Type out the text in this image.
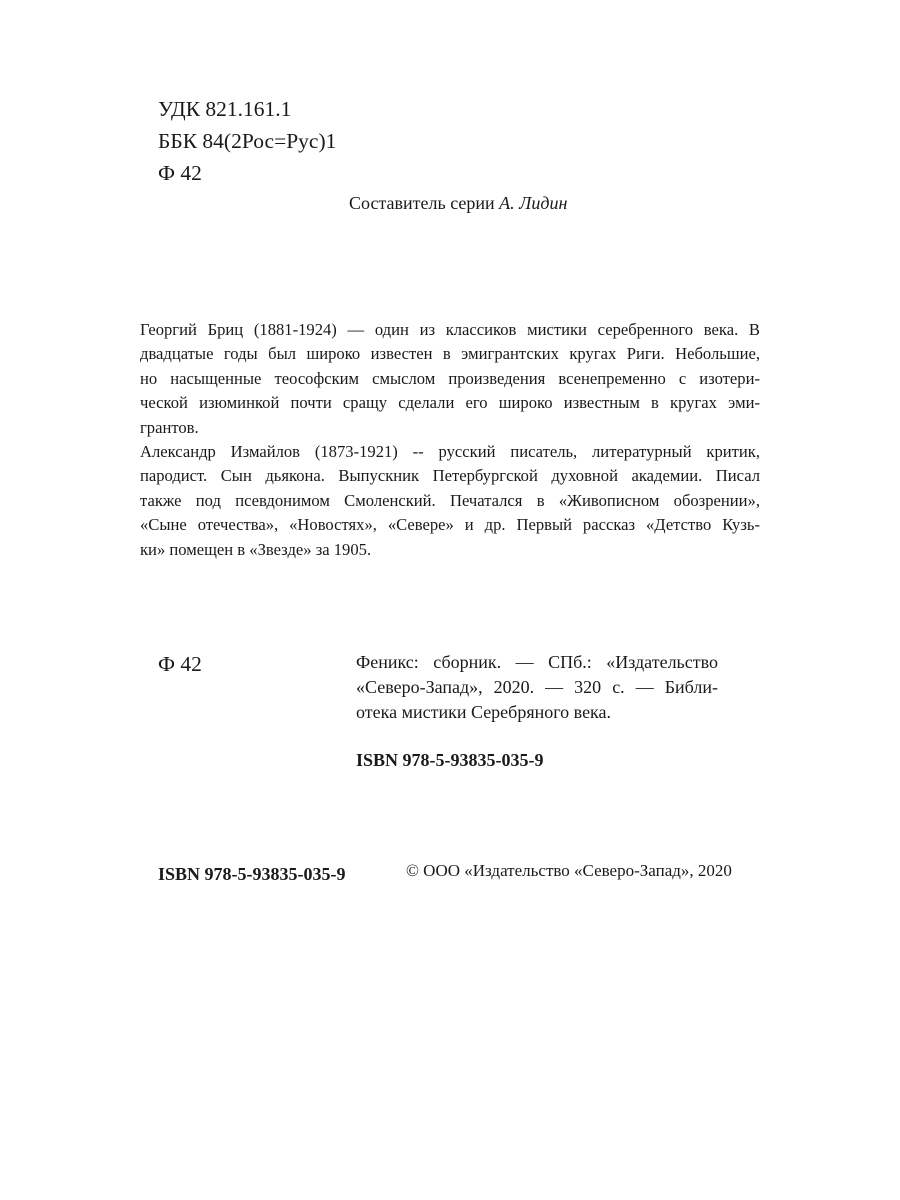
УДК 821.161.1
ББК 84(2Рос=Рус)1
Ф 42
Составитель серии А. Лидин

Георгий Бриц (1881-1924) — один из классиков мистики серебренного века. В
двадцатые годы был широко известен в эмигрантских кругах Риги. Небольшие,
но насыщенные теософским смыслом произведения всенепременно с изотери-
ческой изюминкой почти сращу сделали его широко известным в кругах эми-
грантов.

Александр Измайлов (1873-1921) -- русский писатель, литературный критик,
пародист. Сын дьякона. Выпускник Петербургской духовной академии. Писал
также под псевдонимом Смоленский. Печатался в «Живописном обозрении»,
«Сыне отечества», «Новостях», «Севере» и др. Первый рассказ «Детство Кузь-
ки» помещен в «Звезде» за 1905.

Ф 42	Феникс: сборник. — СПб.: «Издательство
«Северо-Запад», 2020. — 320 с. — Библи-
отека мистики Серебряного века.
ISBN 978-5-93835-035-9
ISBN 978-5-93835-035-9	© ООО «Издательство «Северо-Запад», 2020
